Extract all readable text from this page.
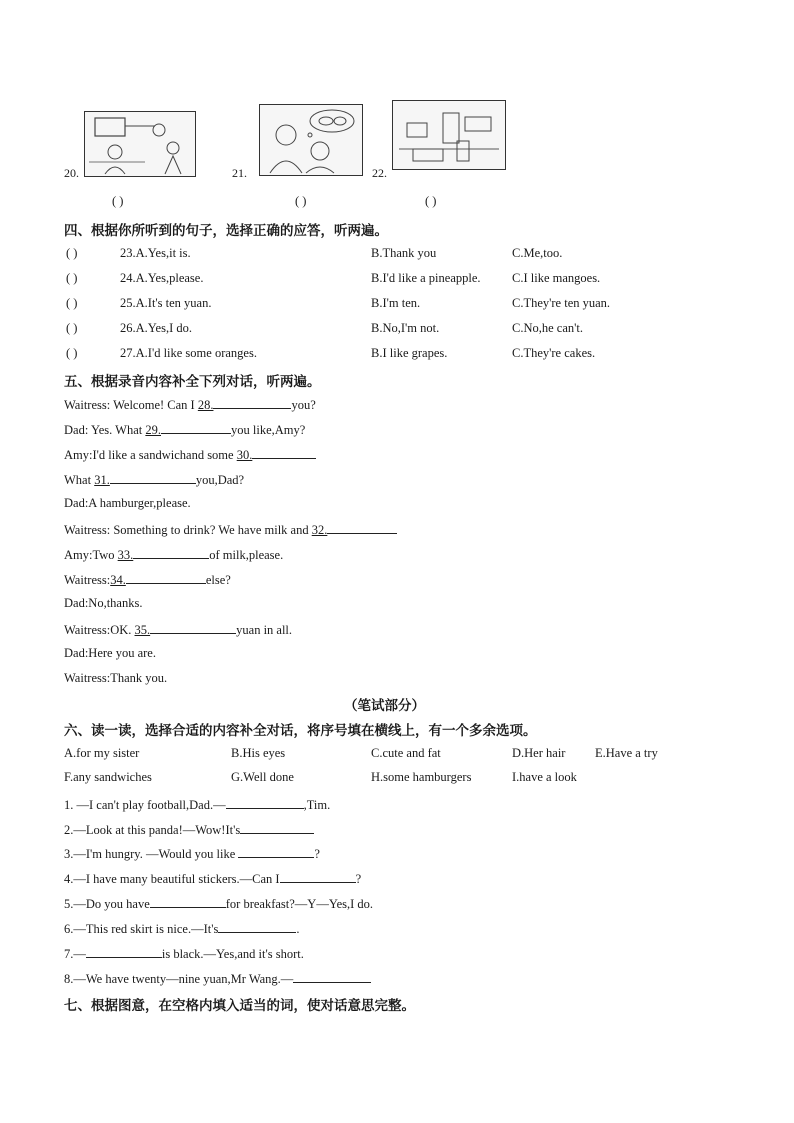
20.
( )
21.
( )
22.
( )
四、根据你所听到的句子，选择正确的应答，听两遍。
( )	23.A.Yes,it is.	B.Thank you	C.Me,too.
( )	24.A.Yes,please.	B.I'd like a pineapple.	C.I like mangoes.
( )	25.A.It's ten yuan.	B.I'm ten.	C.They're ten yuan.
( )	26.A.Yes,I do.	B.No,I'm not.	C.No,he can't.
( )	27.A.I'd like some oranges.	B.I like grapes.	C.They're cakes.
五、根据录音内容补全下列对话，听两遍。
Waitress: Welcome! Can I 28.	you?
Dad: Yes. What 29.	you like,Amy?
Amy:I'd like a sandwichand some 30.
What 31.	you,Dad?
Dad:A hamburger,please.
Waitress: Something to drink? We have milk and 32.
Amy:Two 33.	of milk,please.
Waitress:34.	else?
Dad:No,thanks.
Waitress:OK. 35.	yuan in all.
Dad:Here you are.
Waitress:Thank you.
（笔试部分）
六、读一读，选择合适的内容补全对话，将序号填在横线上，有一个多余选项。
A.for my sister	B.His eyes	C.cute and fat	D.Her hair E.Have a try
F.any sandwiches	G.Well done	H.some hamburgers	I.have a look
1. —I can't play football,Dad.—	,Tim.
2.—Look at this panda!—Wow!It's
3.—I'm hungry. —Would you like	?
4.—I have many beautiful stickers.—Can I	?
5.—Do you have	for breakfast?—Y—Yes,I do.
6.—This red skirt is nice.—It's	.
7.—	is black.—Yes,and it's short.
8.—We have twenty—nine yuan,Mr Wang.—
七、根据图意，在空格内填入适当的词，使对话意思完整。
